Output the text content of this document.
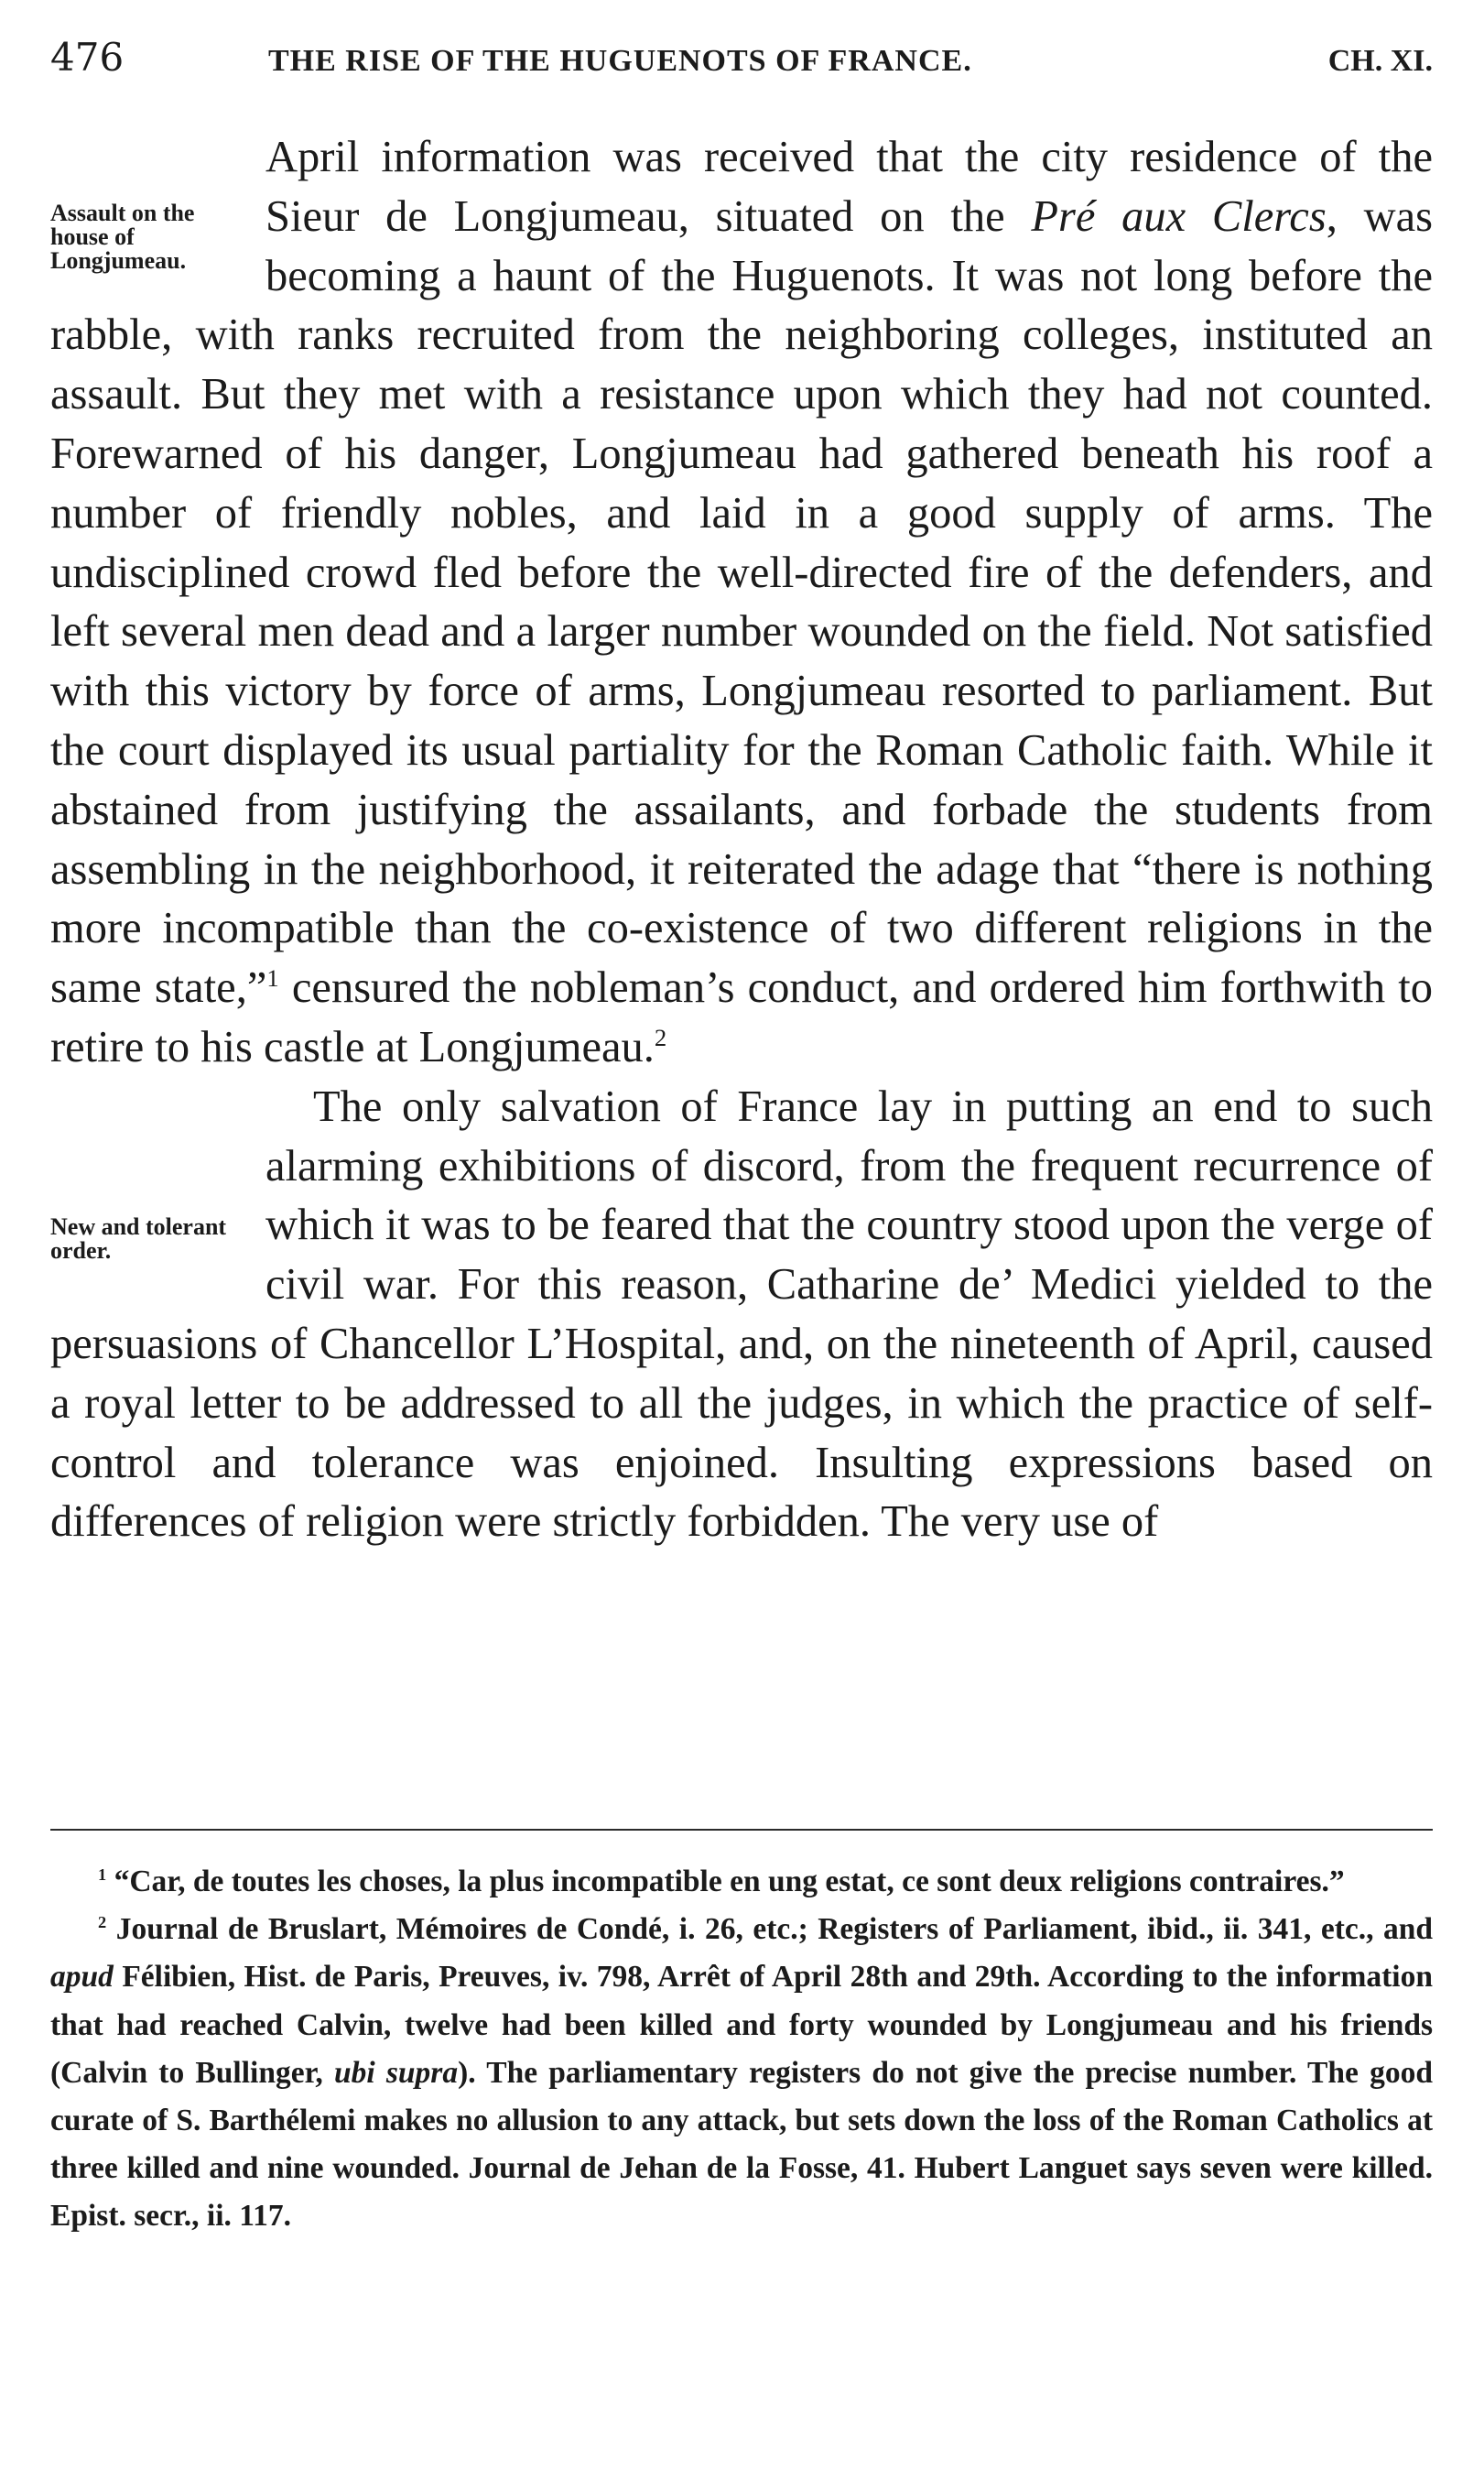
476	THE RISE OF THE HUGUENOTS OF FRANCE.	CH. XI.

Assault on the house of Longjumeau.
April information was received that the city residence of the Sieur de Longjumeau, situated on the Pré aux Clercs, was becoming a haunt of the Huguenots. It was not long before the rabble, with ranks recruited from the neighboring colleges, instituted an assault. But they met with a resistance upon which they had not counted. Forewarned of his danger, Longjumeau had gathered beneath his roof a number of friendly nobles, and laid in a good supply of arms. The undisciplined crowd fled before the well-directed fire of the defenders, and left several men dead and a larger number wounded on the field. Not satisfied with this victory by force of arms, Longjumeau resorted to parliament. But the court displayed its usual partiality for the Roman Catholic faith. While it abstained from justifying the assailants, and forbade the students from assembling in the neighborhood, it reiterated the adage that “there is nothing more incompatible than the co-existence of two different religions in the same state,”$^1$ censured the nobleman’s conduct, and ordered him forthwith to retire to his castle at Longjumeau.$^2$

New and tolerant order.
The only salvation of France lay in putting an end to such alarming exhibitions of discord, from the frequent recurrence of which it was to be feared that the country stood upon the verge of civil war. For this reason, Catharine de’ Medici yielded to the persuasions of Chancellor L’Hospital, and, on the nineteenth of April, caused a royal letter to be addressed to all the judges, in which the practice of self-control and tolerance was enjoined. Insulting expressions based on differences of religion were strictly forbidden. The very use of

$^1$ “Car, de toutes les choses, la plus incompatible en ung estat, ce sont deux religions contraires.”

$^2$ Journal de Bruslart, Mémoires de Condé, i. 26, etc.; Registers of Parliament, ibid., ii. 341, etc., and apud Félibien, Hist. de Paris, Preuves, iv. 798, Arrêt of April 28th and 29th. According to the information that had reached Calvin, twelve had been killed and forty wounded by Longjumeau and his friends (Calvin to Bullinger, ubi supra). The parliamentary registers do not give the precise number. The good curate of S. Barthélemi makes no allusion to any attack, but sets down the loss of the Roman Catholics at three killed and nine wounded. Journal de Jehan de la Fosse, 41. Hubert Languet says seven were killed. Epist. secr., ii. 117.
